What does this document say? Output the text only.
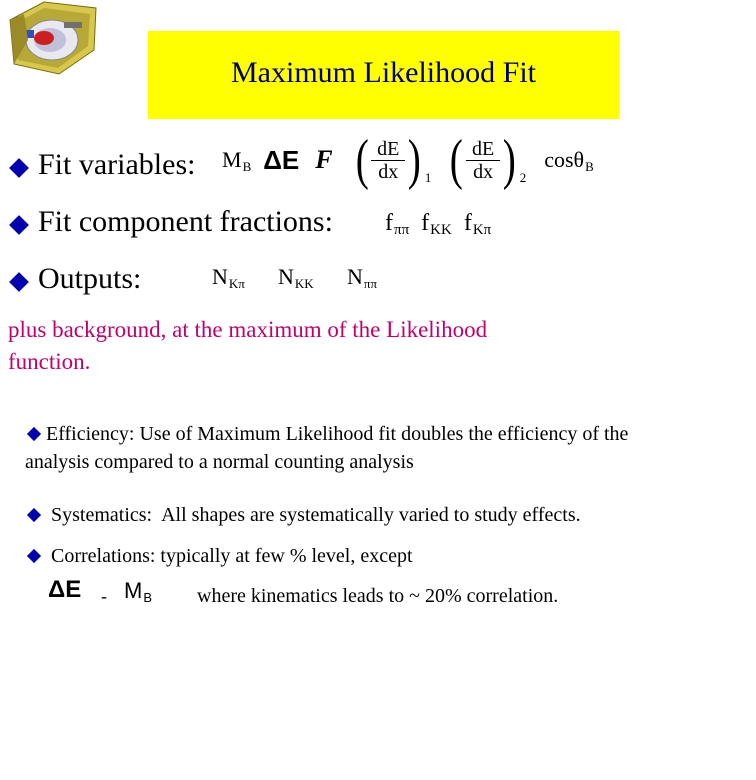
Maximum Likelihood Fit
Fit variables: MB ΔE F ( $\frac{dE}{dx}$ ) 1 ( $\frac{dE}{dx}$ ) 2
cosθB
Fit component fractions: fππ fKK fKπ
Outputs:	NKπ NKK Nππ
plus background, at the maximum of the Likelihood
function.
Efficiency: Use of Maximum Likelihood fit doubles the efficiency of the
analysis compared to a normal counting analysis
Systematics: All shapes are systematically varied to study effects.
Correlations: typically at few % level, except
ΔE - MB where kinematics leads to ~ 20% correlation.
